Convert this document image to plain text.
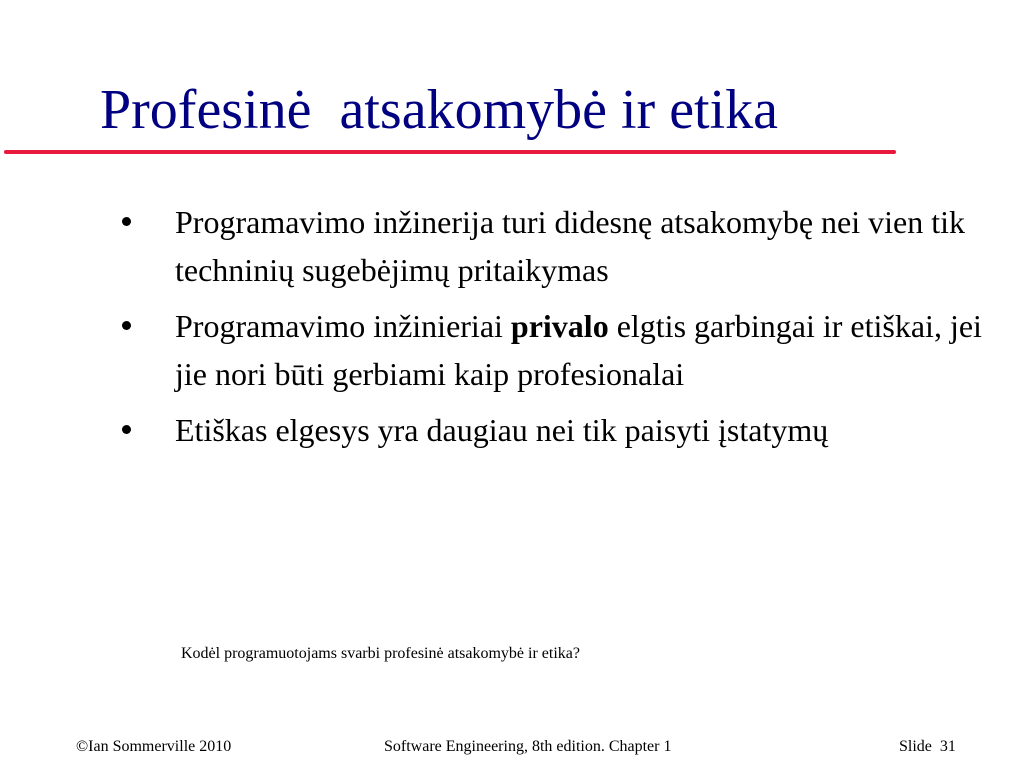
Profesinė  atsakomybė ir etika
Programavimo inžinerija turi didesnę atsakomybę nei vien tik techninių sugebėjimų pritaikymas
Programavimo inžinieriai privalo elgtis garbingai ir etiškai, jei jie nori būti gerbiami kaip profesionalai
Etiškas elgesys yra daugiau nei tik paisyti įstatymų
Kodėl programuotojams svarbi profesinė atsakomybė ir etika?
©Ian Sommerville 2010	Software Engineering, 8th edition. Chapter 1	Slide  31
